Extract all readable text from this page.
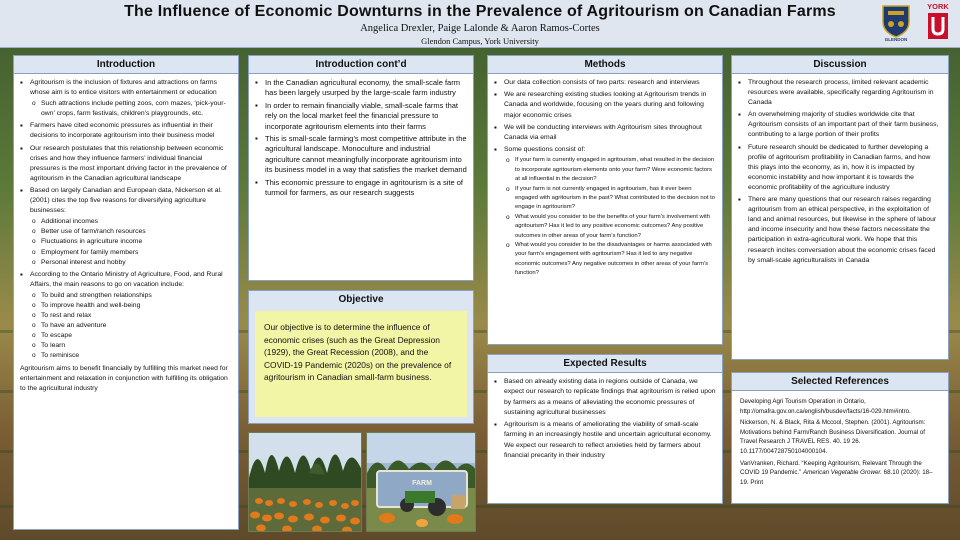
The Influence of Economic Downturns in the Prevalence of Agritourism on Canadian Farms
Angelica Drexler, Paige Lalonde & Aaron Ramos-Cortes
Glendon Campus, York University	GLENDON
YORK
Introduction
▪ Agritourism is the inclusion of fixtures and attractions on farms whose aim is to entice visitors with entertainment or education
o Such attractions include petting zoos, corn mazes, ‘pick-your-own’ crops, farm festivals, children’s playgrounds, etc.
▪ Farmers have cited economic pressures as influential in their decisions to incorporate agritourism into their business model
▪ Our research postulates that this relationship between economic crises and how they influence farmers’ individual financial pressures is the most important driving factor in the prevalence of agritourism in the Canadian agricultural landscape
▪ Based on largely Canadian and European data, Nickerson et al. (2001) cites the top five reasons for diversifying agriculture businesses:
o Additional incomes
o Better use of farm/ranch resources
o Fluctuations in agriculture income
o Employment for family members
o Personal interest and hobby
▪ According to the Ontario Ministry of Agriculture, Food, and Rural Affairs, the main reasons to go on vacation include:
o To build and strengthen relationships
o To improve health and well-being
o To rest and relax
o To have an adventure
o To escape
o To learn
o To reminisce
Agritourism aims to benefit financially by fulfilling this market need for entertainment and relaxation in conjunction with fulfilling its obligation to the agricultural industry
Introduction cont’d
▪ In the Canadian agricultural economy, the small-scale farm has been largely usurped by the large-scale farm industry
▪ In order to remain financially viable, small-scale farms that rely on the local market feel the financial pressure to incorporate agritourism elements into their farms
▪ This is small-scale farming’s most competitive attribute in the agricultural landscape. Monoculture and industrial agriculture cannot meaningfully incorporate agritourism into its business model in a way that satisfies the market demand
▪ This economic pressure to engage in agritourism is a site of turmoil for farmers, as our research suggests
Objective
Our objective is to determine the influence of economic crises (such as the Great Depression (1929), the Great Recession (2008), and the COVID-19 Pandemic (2020s) on the prevalence of agritourism in Canadian small-farm business.
Methods
▪ Our data collection consists of two parts: research and interviews
▪ We are researching existing studies looking at Agritourism trends in Canada and worldwide, focusing on the years during and following major economic crises
▪ We will be conducting interviews with Agritourism sites throughout Canada via email
▪ Some questions consist of:
o If your farm is currently engaged in agritourism, what resulted in the decision to incorporate agritourism elements onto your farm? Were economic factors at all influential in the decision?
o If your farm is not currently engaged in agritourism, has it ever been engaged with agritourism in the past? What contributed to the decision not to engage in agritourism?
o What would you consider to be the benefits of your farm’s involvement with agritourism? Has it led to any positive economic outcomes? Any positive outcomes in other areas of your farm’s function?
o What would you consider to be the disadvantages or harms associated with your farm’s engagement with agritourism? Has it led to any negative economic outcomes? Any negative outcomes in other areas of your farm’s function?
Expected Results
▪ Based on already existing data in regions outside of Canada, we expect our research to replicate findings that agritourism is relied upon by farmers as a means of alleviating the economic pressures of sustaining agricultural businesses
▪ Agritourism is a means of ameliorating the viability of small-scale farming in an increasingly hostile and uncertain agricultural economy. We expect our research to reflect anxieties held by farmers about financial precarity in their industry
Discussion
▪ Throughout the research process, limited relevant academic resources were available, specifically regarding Agritourism in Canada
▪ An overwhelming majority of studies worldwide cite that Agritourism consists of an important part of their farm business, contributing to a large portion of their profits
▪ Future research should be dedicated to further developing a profile of agritourism profitability in Canadian farms, and how this plays into the economy, as in, how it is impacted by economic instability and how important it is towards the economic profitability of the agriculture industry
▪ There are many questions that our research raises regarding agritourism from an ethical perspective, in the exploitation of land and animal resources, but likewise in the sphere of labour and income insecurity and how these factors necessitate the participation in extra-agricultural work. We hope that this research incites conversation about the economic crises faced by small-scale agriculturalists in Canada
Selected References

Developing Agri Tourism Operation in Ontario, http://omafra.gov.on.ca/english/busdev/facts/16-029.htm#intro.

Nickerson, N. & Black, Rita & Mccool, Stephen. (2001). Agritourism: Motivations behind Farm/Ranch Business Diversification. Journal of Travel Research J TRAVEL RES. 40. 19 26. 10.1177/004728750104000104.

VanVranken, Richard. “Keeping Agritourism, Relevant Through the COVID 19 Pandemic.” American Vegetable Grower. 68.10 (2020): 18–19. Print

FARM
